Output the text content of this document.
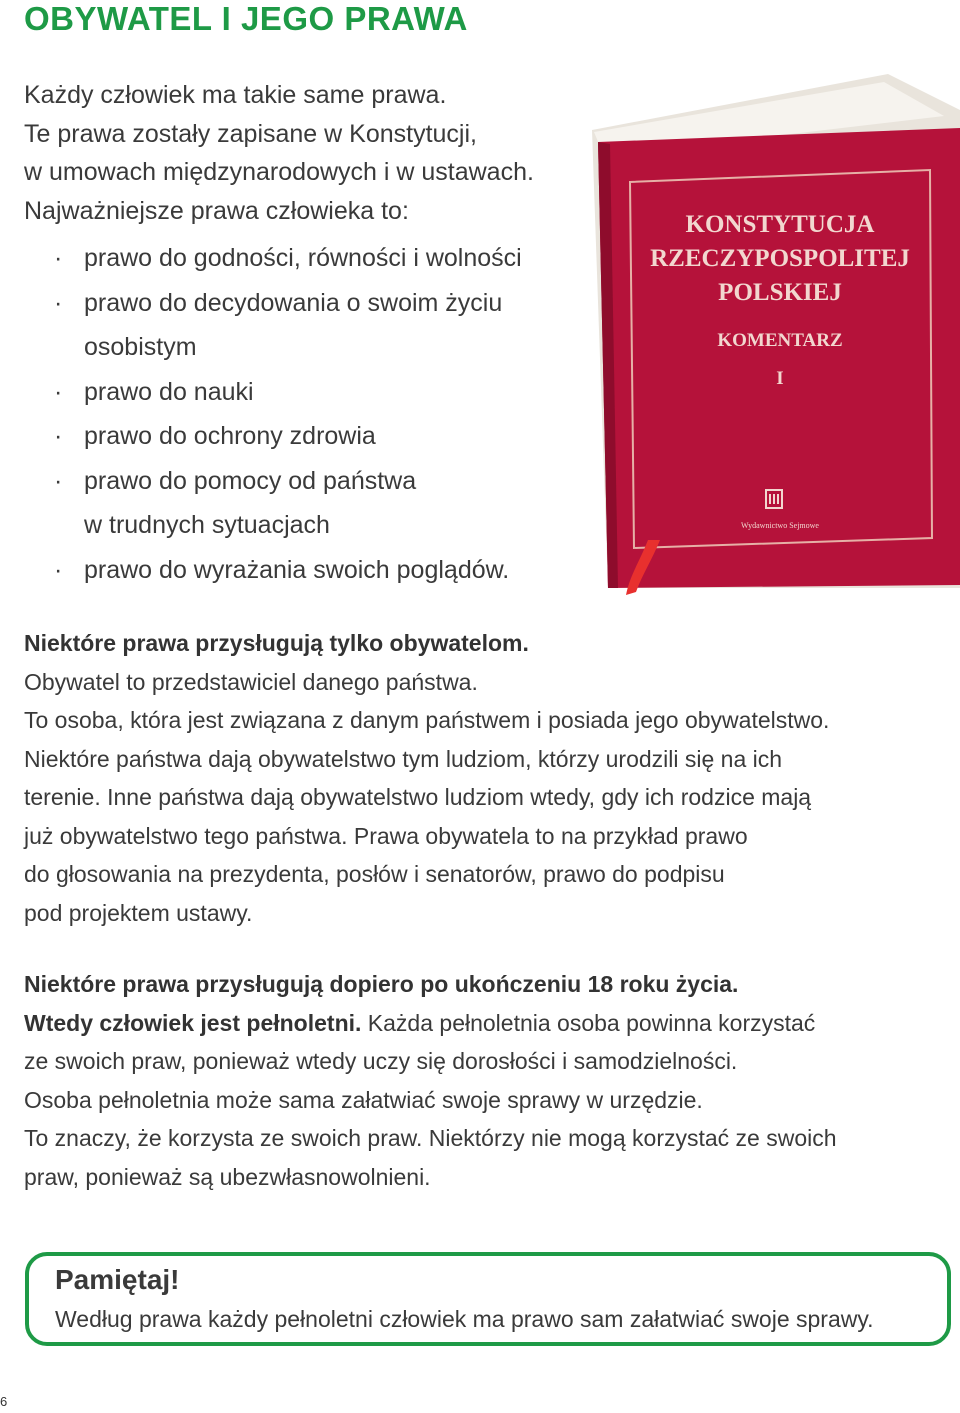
OBYWATEL I JEGO PRAWA

Każdy człowiek ma takie same prawa.

Te prawa zostały zapisane w Konstytucji,

w umowach międzynarodowych i w ustawach.

Najważniejsze prawa człowieka to:

· prawo do godności, równości i wolności
· prawo do decydowania o swoim życiu
osobistym
· prawo do nauki
· prawo do ochrony zdrowia
· prawo do pomocy od państwa
w trudnych sytuacjach
· prawo do wyrażania swoich poglądów.
KONSTYTUCJA
RZECZYPOSPOLITEJ
POLSKIEJ
KOMENTARZ
I
Wydawnictwo Sejmowe

Niektóre prawa przysługują tylko obywatelom.

Obywatel to przedstawiciel danego państwa.

To osoba, która jest związana z danym państwem i posiada jego obywatelstwo.

Niektóre państwa dają obywatelstwo tym ludziom, którzy urodzili się na ich

terenie. Inne państwa dają obywatelstwo ludziom wtedy, gdy ich rodzice mają

już obywatelstwo tego państwa. Prawa obywatela to na przykład prawo

do głosowania na prezydenta, posłów i senatorów, prawo do podpisu

pod projektem ustawy.

Niektóre prawa przysługują dopiero po ukończeniu 18 roku życia.

Wtedy człowiek jest pełnoletni. Każda pełnoletnia osoba powinna korzystać

ze swoich praw, ponieważ wtedy uczy się dorosłości i samodzielności.

Osoba pełnoletnia może sama załatwiać swoje sprawy w urzędzie.

To znaczy, że korzysta ze swoich praw. Niektórzy nie mogą korzystać ze swoich

praw, ponieważ są ubezwłasnowolnieni.

Pamiętaj!
Według prawa każdy pełnoletni człowiek ma prawo sam załatwiać swoje sprawy.
6
